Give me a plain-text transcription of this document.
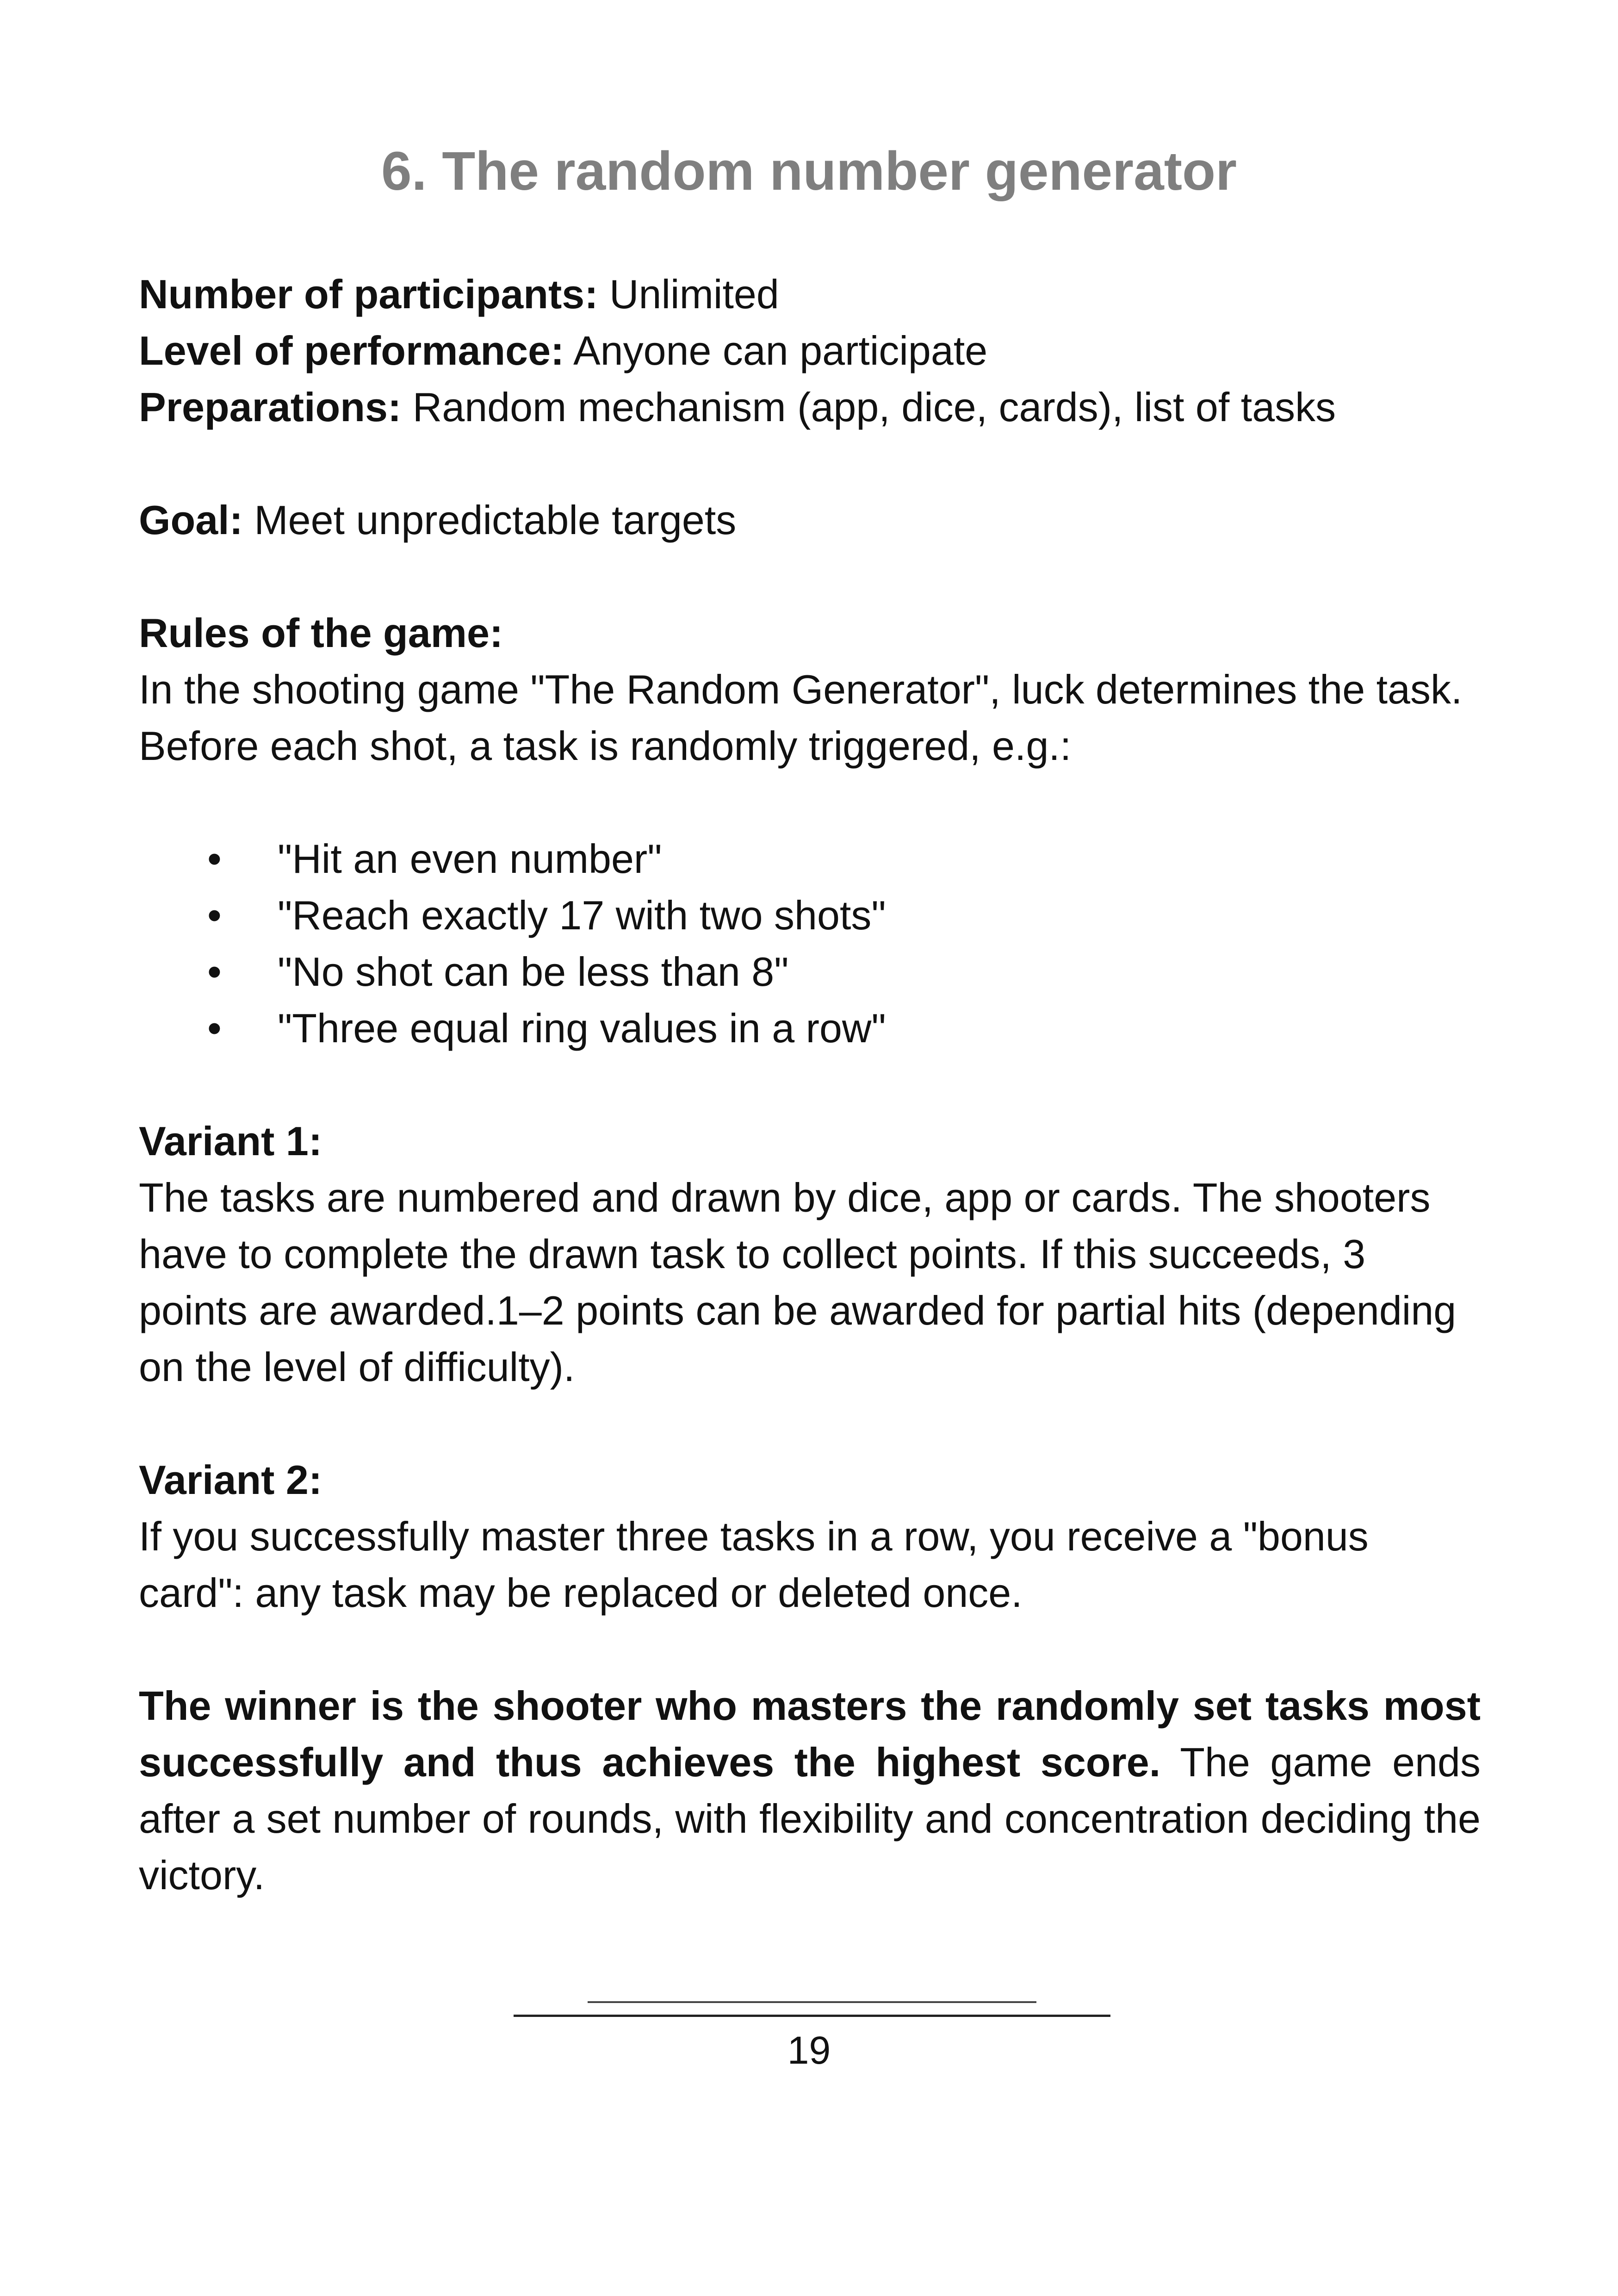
6. The random number generator

Number of participants: Unlimited

Level of performance: Anyone can participate

Preparations: Random mechanism (app, dice, cards), list of tasks

Goal: Meet unpredictable targets

Rules of the game:

In the shooting game "The Random Generator", luck determines the task. Before each shot, a task is randomly triggered, e.g.:

• "Hit an even number"
• "Reach exactly 17 with two shots"
• "No shot can be less than 8"
• "Three equal ring values in a row"

Variant 1:

The tasks are numbered and drawn by dice, app or cards. The shooters have to complete the drawn task to collect points. If this succeeds, 3 points are awarded.1–2 points can be awarded for partial hits (depending on the level of difficulty).

Variant 2:

If you successfully master three tasks in a row, you receive a "bonus card": any task may be replaced or deleted once.

The winner is the shooter who masters the randomly set tasks most successfully and thus achieves the highest score. The game ends after a set number of rounds, with flexibility and concentration deciding the victory.

19
